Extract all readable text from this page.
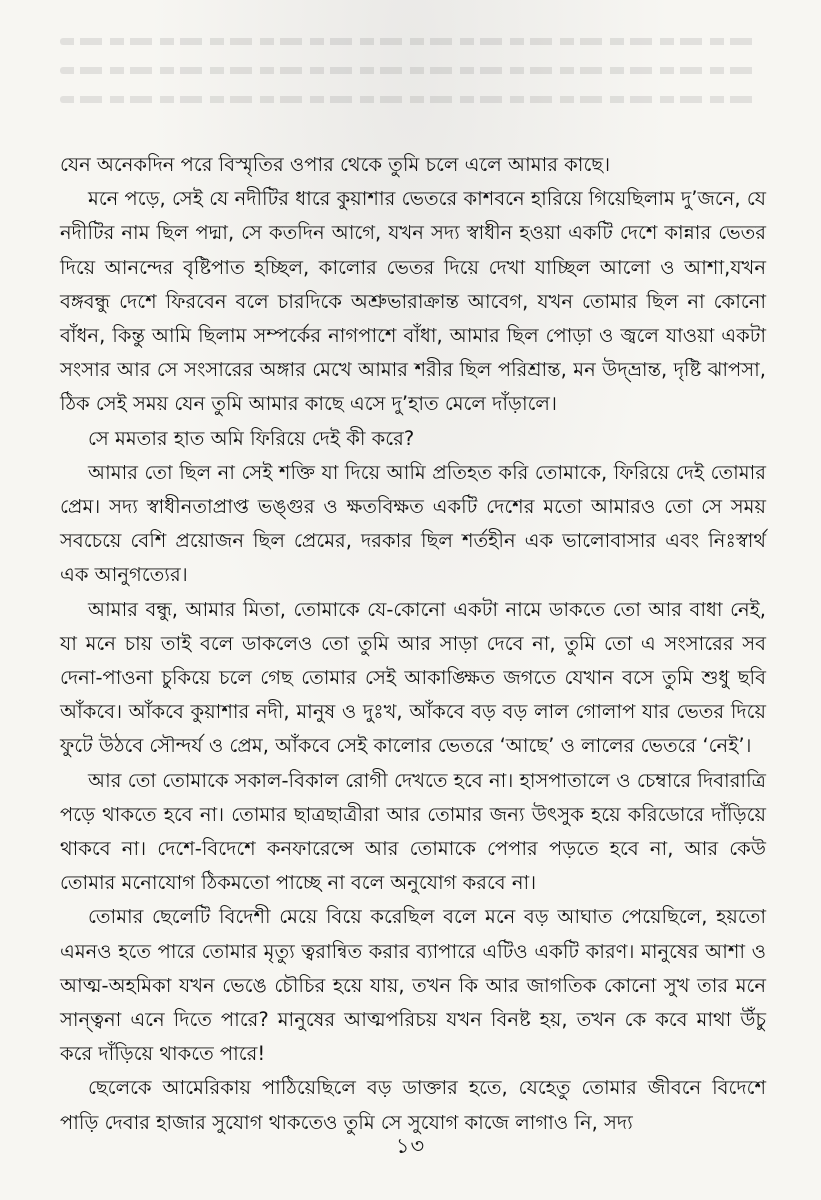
যেন অনেকদিন পরে বিস্মৃতির ওপার থেকে তুমি চলে এলে আমার কাছে।

মনে পড়ে, সেই যে নদীটির ধারে কুয়াশার ভেতরে কাশবনে হারিয়ে গিয়েছিলাম দু’জনে, যে নদীটির নাম ছিল পদ্মা, সে কতদিন আগে, যখন সদ্য স্বাধীন হওয়া একটি দেশে কান্নার ভেতর দিয়ে আনন্দের বৃষ্টিপাত হচ্ছিল, কালোর ভেতর দিয়ে দেখা যাচ্ছিল আলো ও আশা,যখন বঙ্গবন্ধু দেশে ফিরবেন বলে চারদিকে অশ্রুভারাক্রান্ত আবেগ, যখন তোমার ছিল না কোনো বাঁধন, কিন্তু আমি ছিলাম সম্পর্কের নাগপাশে বাঁধা, আমার ছিল পোড়া ও জ্বলে যাওয়া একটা সংসার আর সে সংসারের অঙ্গার মেখে আমার শরীর ছিল পরিশ্রান্ত, মন উদ্‌ভ্রান্ত, দৃষ্টি ঝাপসা, ঠিক সেই সময় যেন তুমি আমার কাছে এসে দু’হাত মেলে দাঁড়ালে।

সে মমতার হাত অমি ফিরিয়ে দেই কী করে?

আমার তো ছিল না সেই শক্তি যা দিয়ে আমি প্রতিহত করি তোমাকে, ফিরিয়ে দেই তোমার প্রেম। সদ্য স্বাধীনতাপ্রাপ্ত ভঙ্গুর ও ক্ষতবিক্ষত একটি দেশের মতো আমারও তো সে সময় সবচেয়ে বেশি প্রয়োজন ছিল প্রেমের, দরকার ছিল শর্তহীন এক ভালোবাসার এবং নিঃস্বার্থ এক আনুগত্যের।

আমার বন্ধু, আমার মিতা, তোমাকে যে-কোনো একটা নামে ডাকতে তো আর বাধা নেই, যা মনে চায় তাই বলে ডাকলেও তো তুমি আর সাড়া দেবে না, তুমি তো এ সংসারের সব দেনা-পাওনা চুকিয়ে চলে গেছ তোমার সেই আকাঙ্ক্ষিত জগতে যেখান বসে তুমি শুধু ছবি আঁকবে। আঁকবে কুয়াশার নদী, মানুষ ও দুঃখ, আঁকবে বড় বড় লাল গোলাপ যার ভেতর দিয়ে ফুটে উঠবে সৌন্দর্য ও প্রেম, আঁকবে সেই কালোর ভেতরে ‘আছে’ ও লালের ভেতরে ‘নেই’।

আর তো তোমাকে সকাল-বিকাল রোগী দেখতে হবে না। হাসপাতালে ও চেম্বারে দিবারাত্রি পড়ে থাকতে হবে না। তোমার ছাত্রছাত্রীরা আর তোমার জন্য উৎসুক হয়ে করিডোরে দাঁড়িয়ে থাকবে না। দেশে-বিদেশে কনফারেন্সে আর তোমাকে পেপার পড়তে হবে না, আর কেউ তোমার মনোযোগ ঠিকমতো পাচ্ছে না বলে অনুযোগ করবে না।

তোমার ছেলেটি বিদেশী মেয়ে বিয়ে করেছিল বলে মনে বড় আঘাত পেয়েছিলে, হয়তো এমনও হতে পারে তোমার মৃত্যু ত্বরান্বিত করার ব্যাপারে এটিও একটি কারণ। মানুষের আশা ও আত্ম-অহমিকা যখন ভেঙে চৌচির হয়ে যায়, তখন কি আর জাগতিক কোনো সুখ তার মনে সান্ত্বনা এনে দিতে পারে? মানুষের আত্মপরিচয় যখন বিনষ্ট হয়, তখন কে কবে মাথা উঁচু করে দাঁড়িয়ে থাকতে পারে!

ছেলেকে আমেরিকায় পাঠিয়েছিলে বড় ডাক্তার হতে, যেহেতু তোমার জীবনে বিদেশে পাড়ি দেবার হাজার সুযোগ থাকতেও তুমি সে সুযোগ কাজে লাগাও নি, সদ্য

১৩
